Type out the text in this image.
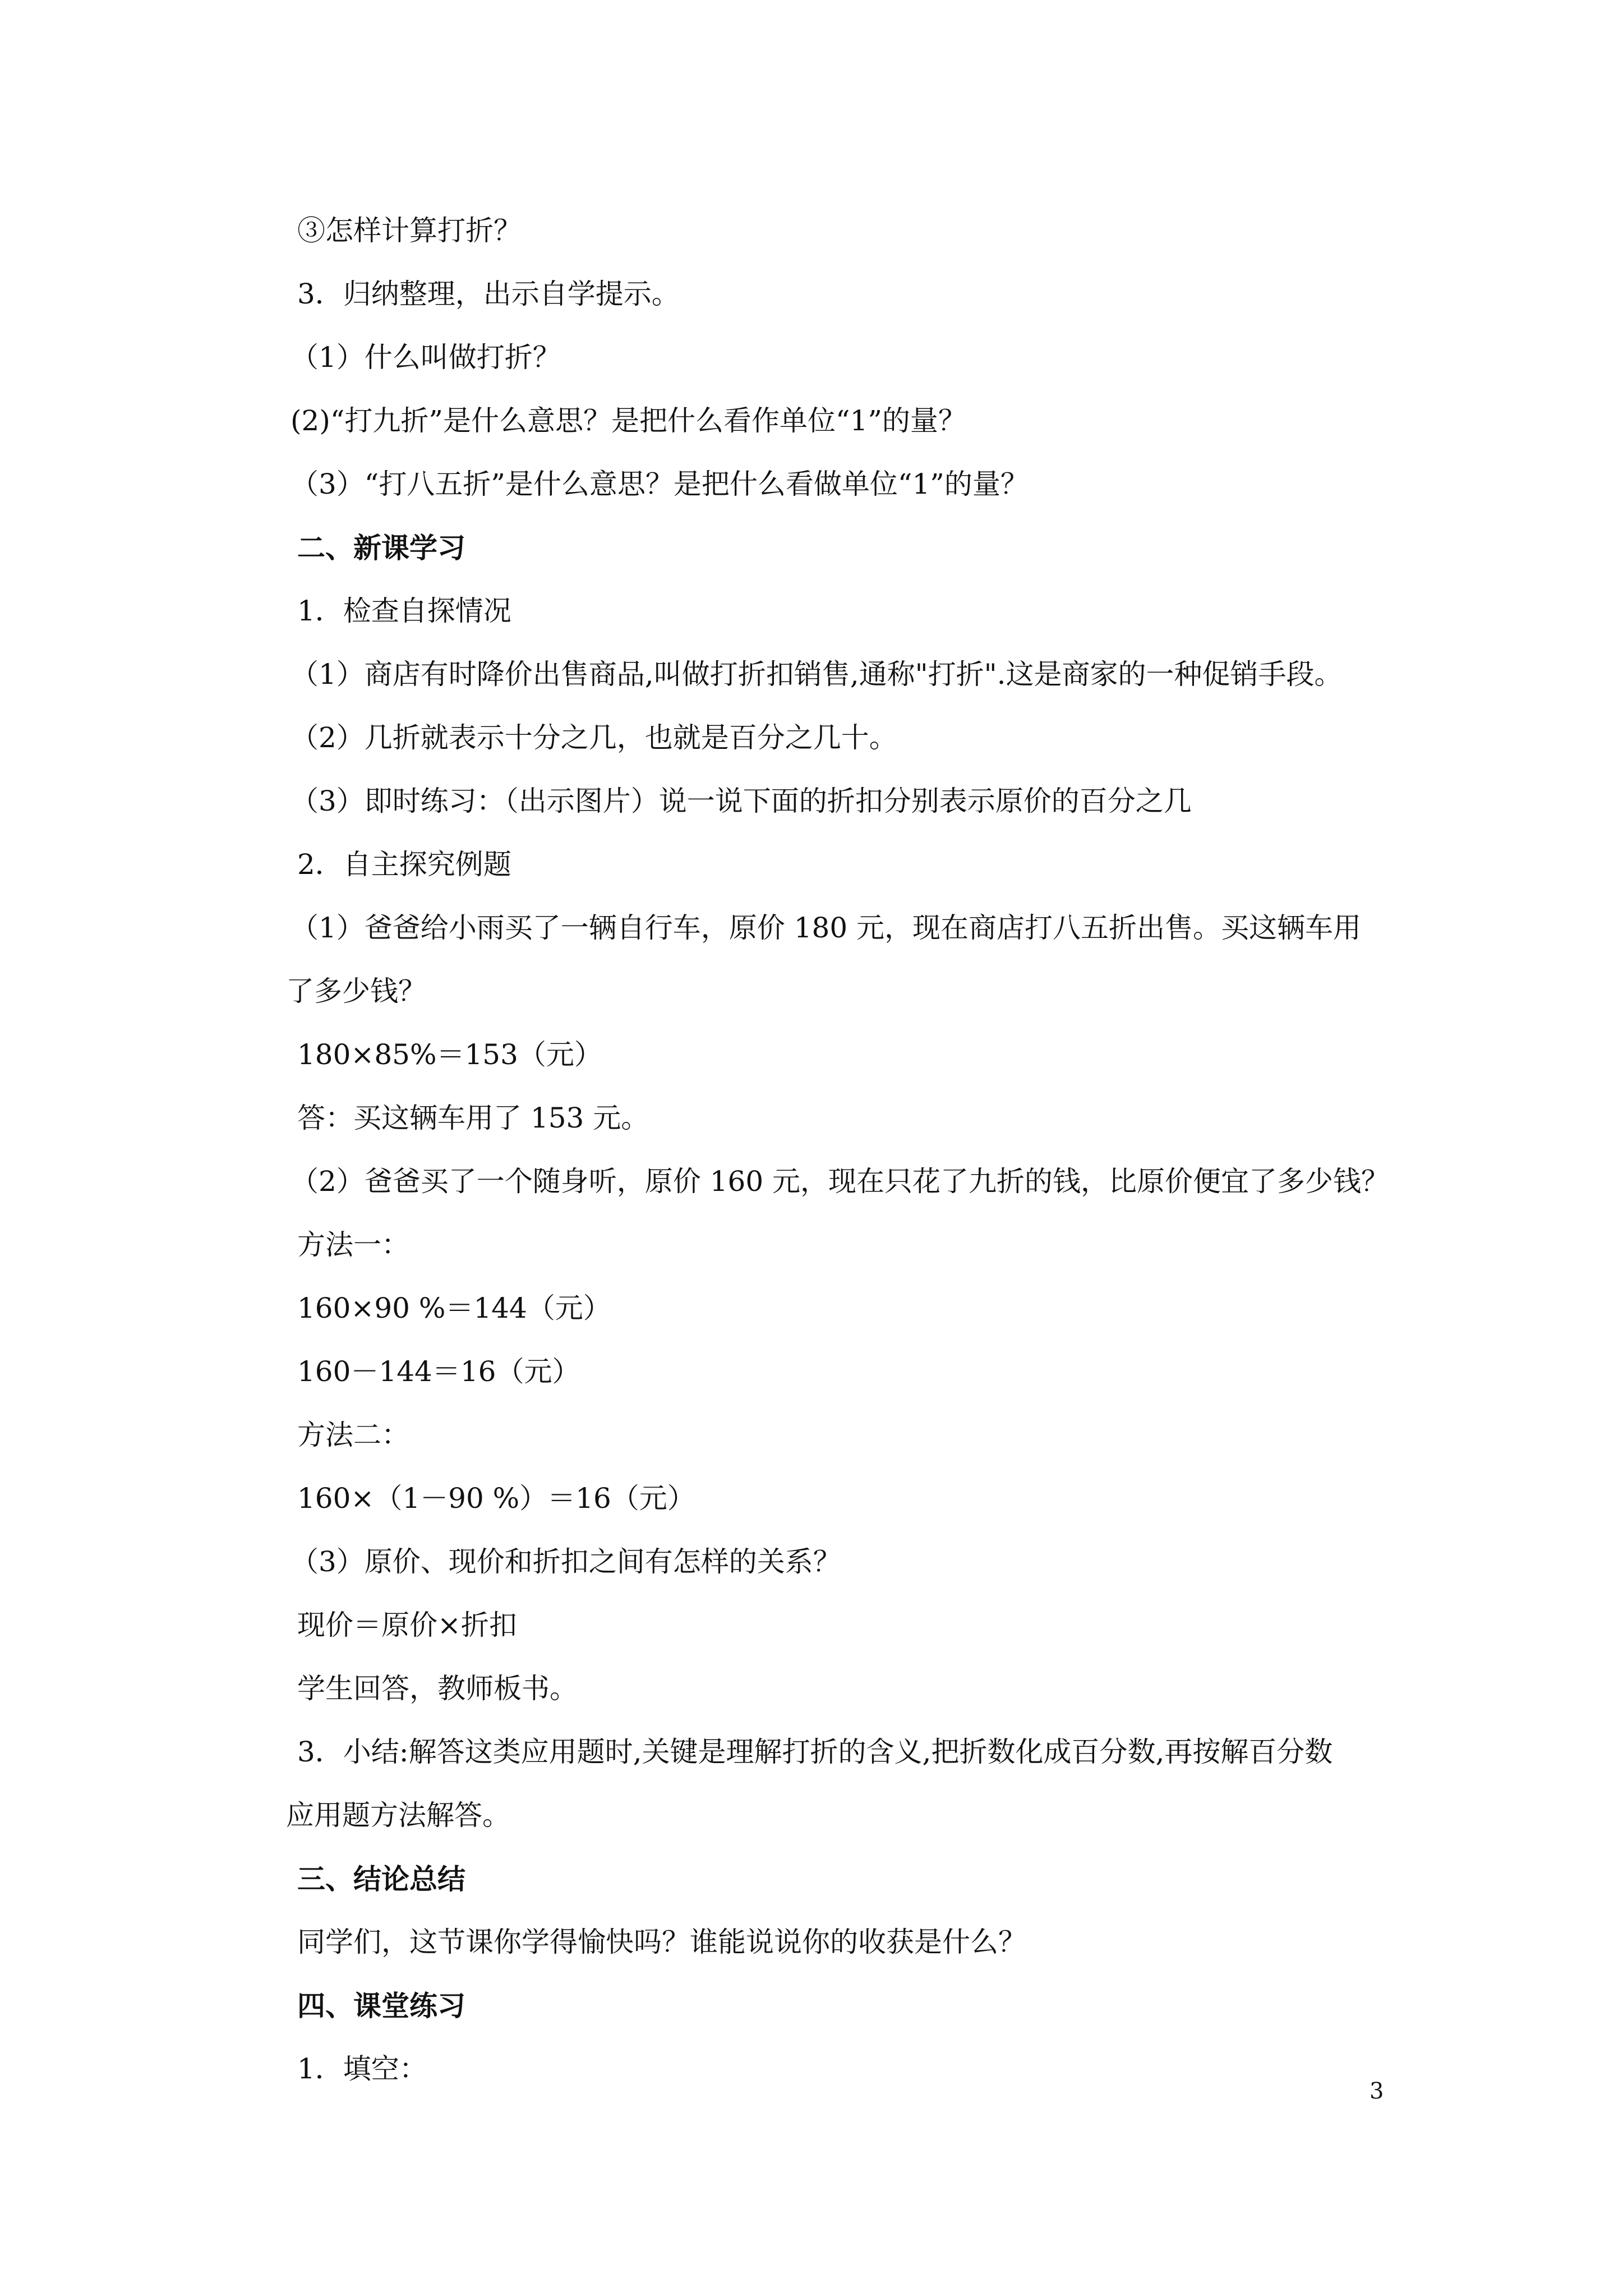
③怎样计算打折？
3．归纳整理，出示自学提示。
（1）什么叫做打折？
(2)“打九折”是什么意思？是把什么看作单位“1”的量？
（3）“打八五折”是什么意思？是把什么看做单位“1”的量？
二、新课学习
1．检查自探情况
（1）商店有时降价出售商品,叫做打折扣销售,通称"打折".这是商家的一种促销手段。
（2）几折就表示十分之几，也就是百分之几十。
（3）即时练习：（出示图片）说一说下面的折扣分别表示原价的百分之几
2．自主探究例题
（1）爸爸给小雨买了一辆自行车，原价 180 元，现在商店打八五折出售。买这辆车用
了多少钱？
180×85%＝153（元）
答：买这辆车用了 153 元。
（2）爸爸买了一个随身听，原价 160 元，现在只花了九折的钱，比原价便宜了多少钱？
方法一：
160×90 %＝144（元）
160－144＝16（元）
方法二：
160×（1－90 %）＝16（元）
（3）原价、现价和折扣之间有怎样的关系？
现价＝原价×折扣
学生回答，教师板书。
3．小结:解答这类应用题时,关键是理解打折的含义,把折数化成百分数,再按解百分数
应用题方法解答。
三、结论总结
同学们，这节课你学得愉快吗？谁能说说你的收获是什么？
四、课堂练习
1．填空：
3
